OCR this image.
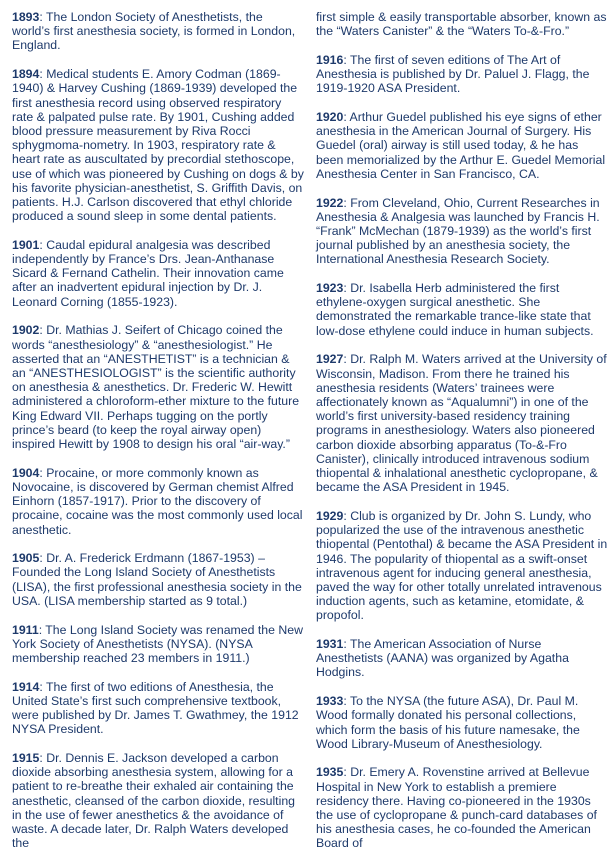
1893: The London Society of Anesthetists, the world’s first anesthesia society, is formed in London, England.

1894: Medical students E. Amory Codman (1869-1940) & Harvey Cushing (1869-1939) developed the first anesthesia record using observed respiratory rate & palpated pulse rate. By 1901, Cushing added blood pressure measurement by Riva Rocci sphygmoma-nometry. In 1903, respiratory rate & heart rate as auscultated by precordial stethoscope, use of which was pioneered by Cushing on dogs & by his favorite physician-anesthetist, S. Griffith Davis, on patients. H.J. Carlson discovered that ethyl chloride produced a sound sleep in some dental patients.

1901: Caudal epidural analgesia was described independently by France’s Drs. Jean-Anthanase Sicard & Fernand Cathelin. Their innovation came after an inadvertent epidural injection by Dr. J. Leonard Corning (1855-1923).

1902: Dr. Mathias J. Seifert of Chicago coined the words “anesthesiology” & “anesthesiologist.” He asserted that an “ANESTHETIST” is a technician & an “ANESTHESIOLOGIST” is the scientific authority on anesthesia & anesthetics. Dr. Frederic W. Hewitt administered a chloroform-ether mixture to the future King Edward VII. Perhaps tugging on the portly prince’s beard (to keep the royal airway open) inspired Hewitt by 1908 to design his oral “air-way.”

1904: Procaine, or more commonly known as Novocaine, is discovered by German chemist Alfred Einhorn (1857-1917). Prior to the discovery of procaine, cocaine was the most commonly used local anesthetic.

1905: Dr. A. Frederick Erdmann (1867-1953) – Founded the Long Island Society of Anesthetists (LISA), the first professional anesthesia society in the USA. (LISA membership started as 9 total.)

1911: The Long Island Society was renamed the New York Society of Anesthetists (NYSA). (NYSA membership reached 23 members in 1911.)

1914: The first of two editions of Anesthesia, the United State’s first such comprehensive textbook, were published by Dr. James T. Gwathmey, the 1912 NYSA President.

1915: Dr. Dennis E. Jackson developed a carbon dioxide absorbing anesthesia system, allowing for a patient to re-breathe their exhaled air containing the anesthetic, cleansed of the carbon dioxide, resulting in the use of fewer anesthetics & the avoidance of waste. A decade later, Dr. Ralph Waters developed the

first simple & easily transportable absorber, known as the “Waters Canister” & the “Waters To-&-Fro.”

1916: The first of seven editions of The Art of Anesthesia is published by Dr. Paluel J. Flagg, the 1919-1920 ASA President.

1920: Arthur Guedel published his eye signs of ether anesthesia in the American Journal of Surgery. His Guedel (oral) airway is still used today, & he has been memorialized by the Arthur E. Guedel Memorial Anesthesia Center in San Francisco, CA.

1922: From Cleveland, Ohio, Current Researches in Anesthesia & Analgesia was launched by Francis H. “Frank” McMechan (1879-1939) as the world’s first journal published by an anesthesia society, the International Anesthesia Research Society.

1923: Dr. Isabella Herb administered the first ethylene-oxygen surgical anesthetic. She demonstrated the remarkable trance-like state that low-dose ethylene could induce in human subjects.

1927: Dr. Ralph M. Waters arrived at the University of Wisconsin, Madison. From there he trained his anesthesia residents (Waters’ trainees were affectionately known as “Aqualumni”) in one of the world’s first university-based residency training programs in anesthesiology. Waters also pioneered carbon dioxide absorbing apparatus (To-&-Fro Canister), clinically introduced intravenous sodium thiopental & inhalational anesthetic cyclopropane, & became the ASA President in 1945.

1929: Club is organized by Dr. John S. Lundy, who popularized the use of the intravenous anesthetic thiopental (Pentothal) & became the ASA President in 1946. The popularity of thiopental as a swift-onset intravenous agent for inducing general anesthesia, paved the way for other totally unrelated intravenous induction agents, such as ketamine, etomidate, & propofol.

1931: The American Association of Nurse Anesthetists (AANA) was organized by Agatha Hodgins.

1933: To the NYSA (the future ASA), Dr. Paul M. Wood formally donated his personal collections, which form the basis of his future namesake, the Wood Library-Museum of Anesthesiology.

1935: Dr. Emery A. Rovenstine arrived at Bellevue Hospital in New York to establish a premiere residency there. Having co-pioneered in the 1930s the use of cyclopropane & punch-card databases of his anesthesia cases, he co-founded the American Board of
